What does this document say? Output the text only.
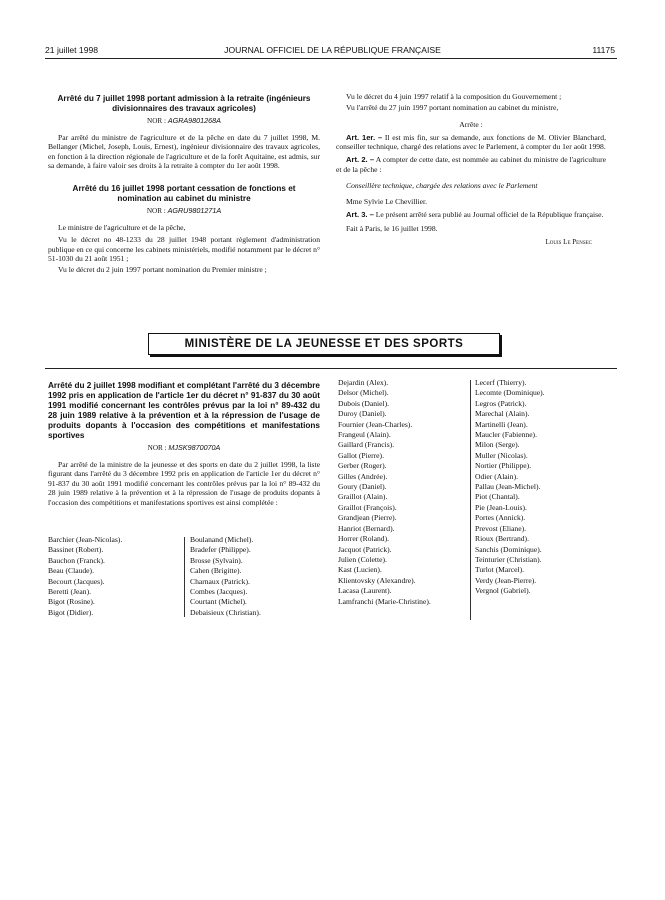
21 juillet 1998	JOURNAL OFFICIEL DE LA RÉPUBLIQUE FRANÇAISE	11175
Arrêté du 7 juillet 1998 portant admission à la retraite (ingénieurs divisionnaires des travaux agricoles)
NOR : AGRA9801268A

Par arrêté du ministre de l'agriculture et de la pêche en date du 7 juillet 1998, M. Bellanger (Michel, Joseph, Louis, Ernest), ingénieur divisionnaire des travaux agricoles, en fonction à la direction régionale de l'agriculture et de la forêt Aquitaine, est admis, sur sa demande, à faire valoir ses droits à la retraite à compter du 1er août 1998.

Arrêté du 16 juillet 1998 portant cessation de fonctions et nomination au cabinet du ministre
NOR : AGRU9801271A

Le ministre de l'agriculture et de la pêche,

Vu le décret no 48-1233 du 28 juillet 1948 portant règlement d'administration publique en ce qui concerne les cabinets ministériels, modifié notamment par le décret n° 51-1030 du 21 août 1951 ;

Vu le décret du 2 juin 1997 portant nomination du Premier ministre ;

Vu le décret du 4 juin 1997 relatif à la composition du Gouvernement ;

Vu l'arrêté du 27 juin 1997 portant nomination au cabinet du ministre,

Arrête :

Art. 1er. – Il est mis fin, sur sa demande, aux fonctions de M. Olivier Blanchard, conseiller technique, chargé des relations avec le Parlement, à compter du 1er août 1998.

Art. 2. – A compter de cette date, est nommée au cabinet du ministre de l'agriculture et de la pêche :

Conseillère technique, chargée des relations avec le Parlement

Mme Sylvie Le Chevillier.

Art. 3. – Le présent arrêté sera publié au Journal officiel de la République française.

Fait à Paris, le 16 juillet 1998.

Louis Le Pensec
MINISTÈRE DE LA JEUNESSE ET DES SPORTS
Arrêté du 2 juillet 1998 modifiant et complétant l'arrêté du 3 décembre 1992 pris en application de l'article 1er du décret n° 91-837 du 30 août 1991 modifié concernant les contrôles prévus par la loi n° 89-432 du 28 juin 1989 relative à la prévention et à la répression de l'usage de produits dopants à l'occasion des compétitions et manifestations sportives
NOR : MJSK9870070A

Par arrêté de la ministre de la jeunesse et des sports en date du 2 juillet 1998, la liste figurant dans l'arrêté du 3 décembre 1992 pris en application de l'article 1er du décret n° 91-837 du 30 août 1991 modifié concernant les contrôles prévus par la loi n° 89-432 du 28 juin 1989 relative à la prévention et à la répression de l'usage de produits dopants à l'occasion des compétitions et manifestations sportives est ainsi complétée :

Barchier (Jean-Nicolas).
Bassinet (Robert).
Bauchon (Franck).
Beau (Claude).
Becourt (Jacques).
Beretti (Jean).
Bigot (Rosine).
Bigot (Didier).
Boulanand (Michel).
Bradefer (Philippe).
Brosse (Sylvain).
Cahen (Brigitte).
Charnaux (Patrick).
Combes (Jacques).
Courtant (Michel).
Debaisieux (Christian).
Dejardin (Alex).
Delsor (Michel).
Dubois (Daniel).
Duroy (Daniel).
Fournier (Jean-Charles).
Frangeul (Alain).
Gaillard (Francis).
Gallot (Pierre).
Gerber (Roger).
Gilles (Andrée).
Goury (Daniel).
Graillot (Alain).
Graillot (François).
Grandjean (Pierre).
Hanriot (Bernard).
Horrer (Roland).
Jacquot (Patrick).
Julien (Colette).
Kast (Lucien).
Klientovsky (Alexandre).
Lacasa (Laurent).
Lamfranchi (Marie-Christine).
Lecerf (Thierry).
Lecomte (Dominique).
Legros (Patrick).
Marechal (Alain).
Martinelli (Jean).
Maucler (Fabienne).
Milon (Serge).
Muller (Nicolas).
Nortier (Philippe).
Odier (Alain).
Pallau (Jean-Michel).
Piot (Chantal).
Pie (Jean-Louis).
Portes (Annick).
Prevost (Eliane).
Rioux (Bertrand).
Sanchis (Dominique).
Teinturier (Christian).
Turlot (Marcel).
Verdy (Jean-Pierre).
Vergnol (Gabriel).
